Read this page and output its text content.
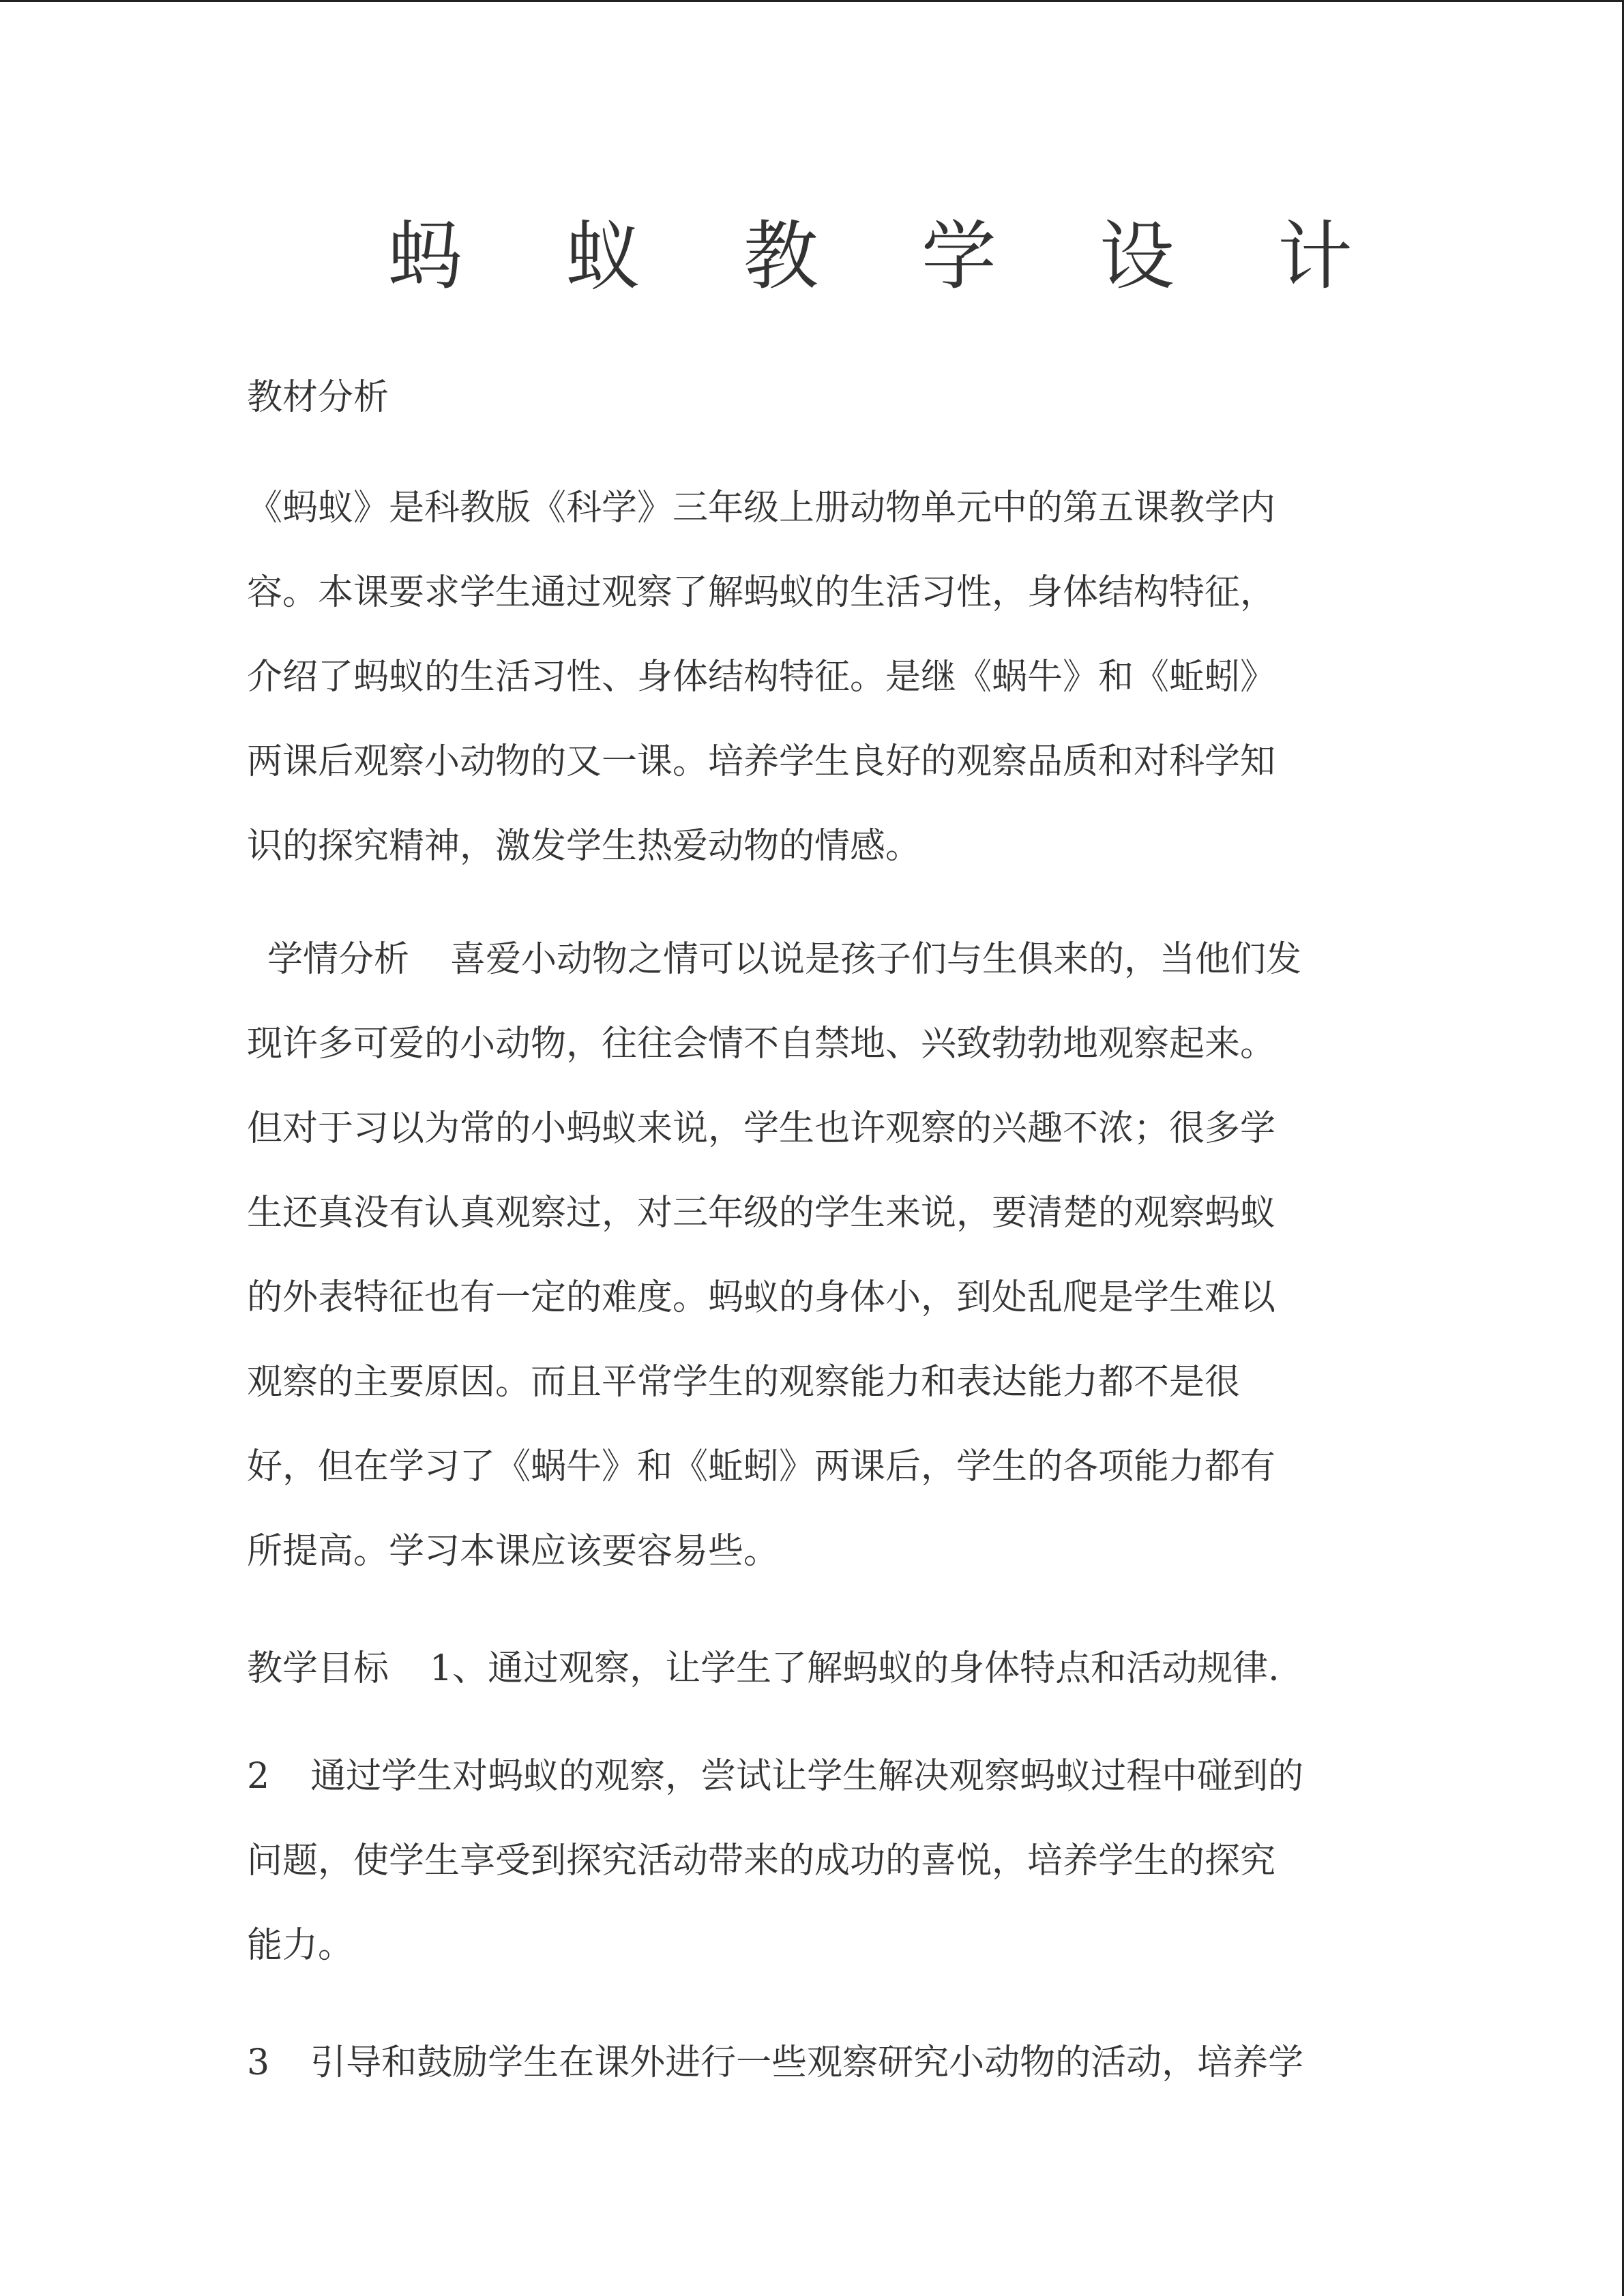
蚂 蚁 教 学 设 计

教材分析

《蚂蚁》是科教版《科学》三年级上册动物单元中的第五课教学内
容。本课要求学生通过观察了解蚂蚁的生活习性，身体结构特征，
介绍了蚂蚁的生活习性、身体结构特征。是继《蜗牛》和《蚯蚓》
两课后观察小动物的又一课。培养学生良好的观察品质和对科学知
识的探究精神，激发学生热爱动物的情感。

学情分析 喜爱小动物之情可以说是孩子们与生俱来的，当他们发
现许多可爱的小动物，往往会情不自禁地、兴致勃勃地观察起来。
但对于习以为常的小蚂蚁来说，学生也许观察的兴趣不浓；很多学
生还真没有认真观察过，对三年级的学生来说，要清楚的观察蚂蚁
的外表特征也有一定的难度。蚂蚁的身体小，到处乱爬是学生难以
观察的主要原因。而且平常学生的观察能力和表达能力都不是很
好，但在学习了《蜗牛》和《蚯蚓》两课后，学生的各项能力都有
所提高。学习本课应该要容易些。

教学目标 1、通过观察，让学生了解蚂蚁的身体特点和活动规律.

2 通过学生对蚂蚁的观察，尝试让学生解决观察蚂蚁过程中碰到的
问题，使学生享受到探究活动带来的成功的喜悦，培养学生的探究
能力。

3 引导和鼓励学生在课外进行一些观察研究小动物的活动，培养学
